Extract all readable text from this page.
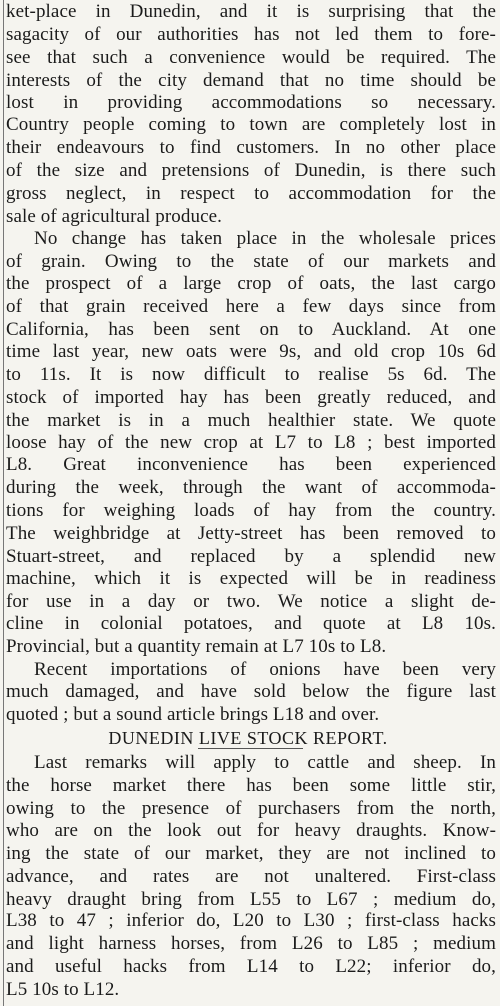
ket-place in Dunedin, and it is surprising that the
sagacity of our authorities has not led them to fore-
see that such a convenience would be required. The
interests of the city demand that no time should be
lost in providing accommodations so necessary.
Country people coming to town are completely lost in
their endeavours to find customers. In no other place
of the size and pretensions of Dunedin, is there such
gross neglect, in respect to accommodation for the
sale of agricultural produce.
No change has taken place in the wholesale prices
of grain. Owing to the state of our markets and
the prospect of a large crop of oats, the last cargo
of that grain received here a few days since from
California, has been sent on to Auckland. At one
time last year, new oats were 9s, and old crop 10s 6d
to 11s. It is now difficult to realise 5s 6d. The
stock of imported hay has been greatly reduced, and
the market is in a much healthier state. We quote
loose hay of the new crop at L7 to L8 ; best imported
L8. Great inconvenience has been experienced
during the week, through the want of accommoda-
tions for weighing loads of hay from the country.
The weighbridge at Jetty-street has been removed to
Stuart-street, and replaced by a splendid new
machine, which it is expected will be in readiness
for use in a day or two. We notice a slight de-
cline in colonial potatoes, and quote at L8 10s.
Provincial, but a quantity remain at L7 10s to L8.
Recent importations of onions have been very
much damaged, and have sold below the figure last
quoted ; but a sound article brings L18 and over.
DUNEDIN LIVE STOCK REPORT.
Last remarks will apply to cattle and sheep. In
the horse market there has been some little stir,
owing to the presence of purchasers from the north,
who are on the look out for heavy draughts. Know-
ing the state of our market, they are not inclined to
advance, and rates are not unaltered. First-class
heavy draught bring from L55 to L67 ; medium do,
L38 to 47 ; inferior do, L20 to L30 ; first-class hacks
and light harness horses, from L26 to L85 ; medium
and useful hacks from L14 to L22; inferior do,
L5 10s to L12.
